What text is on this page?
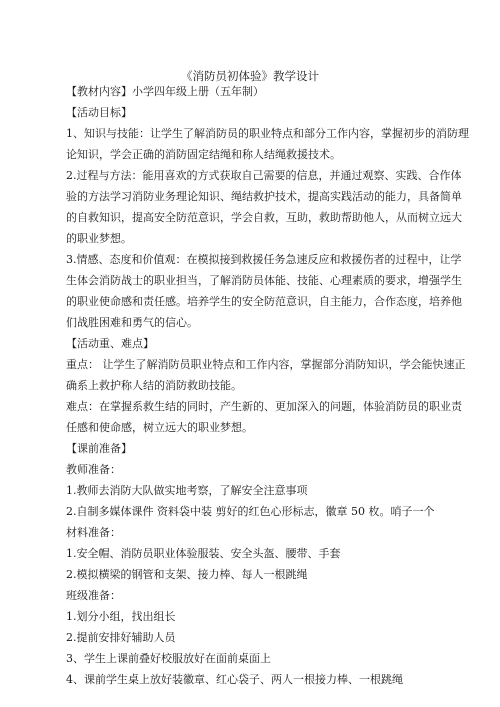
《消防员初体验》教学设计
【教材内容】小学四年级上册（五年制）
【活动目标】
1、知识与技能：让学生了解消防员的职业特点和部分工作内容，掌握初步的消防理
论知识，学会正确的消防固定结绳和称人结绳救援技术。
2.过程与方法：能用喜欢的方式获取自己需要的信息，并通过观察、实践、合作体
验的方法学习消防业务理论知识、绳结救护技术，提高实践活动的能力，具备简单
的自救知识，提高安全防范意识，学会自救，互助，救助帮助他人，从而树立远大
的职业梦想。
3.情感、态度和价值观：在模拟接到救援任务急速反应和救援伤者的过程中，让学
生体会消防战士的职业担当，了解消防员体能、技能、心理素质的要求，增强学生
的职业使命感和责任感。培养学生的安全防范意识，自主能力，合作态度，培养他
们战胜困难和勇气的信心。
【活动重、难点】
重点： 让学生了解消防员职业特点和工作内容，掌握部分消防知识，学会能快速正
确系上救护称人结的消防救助技能。
难点：在掌握系救生结的同时，产生新的、更加深入的问题，体验消防员的职业责
任感和使命感，树立远大的职业梦想。
【课前准备】
教师准备：
1.教师去消防大队做实地考察，了解安全注意事项
2.自制多媒体课件 资料袋中装 剪好的红色心形标志，徽章 50 枚。哨子一个
材料准备：
1.安全帽、消防员职业体验服装、安全头盔、腰带、手套
2.模拟横梁的钢管和支架、接力棒、每人一根跳绳
班级准备：
1.划分小组，找出组长
2.提前安排好辅助人员
3、学生上课前叠好校服放好在面前桌面上
4、课前学生桌上放好装徽章、红心袋子、两人一根接力棒、一根跳绳
